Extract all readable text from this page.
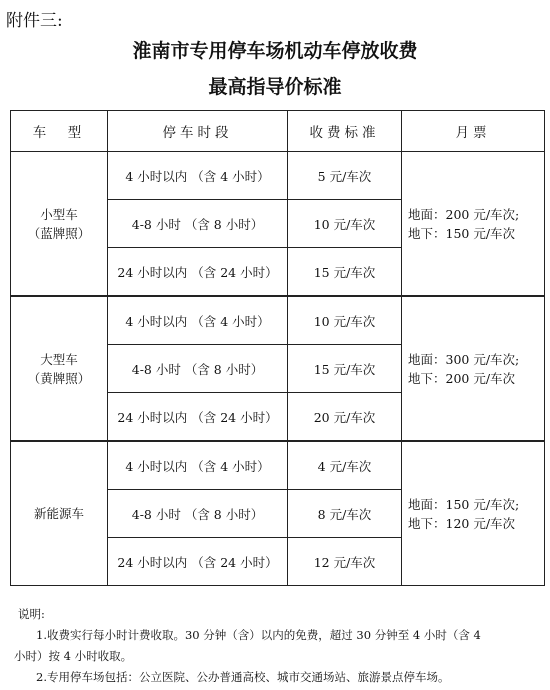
附件三:
淮南市专用停车场机动车停放收费
最高指导价标准
车　型	停车时段	收费标准	月票

小型车
（蓝牌照）	4 小时以内 （含 4 小时）	5 元/车次	地面：200 元/车次;
地下：150 元/车次

	4-8 小时 （含 8 小时）	10 元/车次	
	24 小时以内 （含 24 小时）	15 元/车次	

大型车
（黄牌照）	4 小时以内 （含 4 小时）	10 元/车次	地面：300 元/车次;
地下：200 元/车次

	4-8 小时 （含 8 小时）	15 元/车次	
	24 小时以内 （含 24 小时）	20 元/车次	

新能源车	4 小时以内 （含 4 小时）	4 元/车次	地面：150 元/车次;
地下：120 元/车次

	4-8 小时 （含 8 小时）	8 元/车次	
	24 小时以内 （含 24 小时）	12 元/车次	
说明:
1.收费实行每小时计费收取。30 分钟（含）以内的免费，超过 30 分钟至 4 小时（含 4
小时）按 4 小时收取。
2.专用停车场包括：公立医院、公办普通高校、城市交通场站、旅游景点停车场。
